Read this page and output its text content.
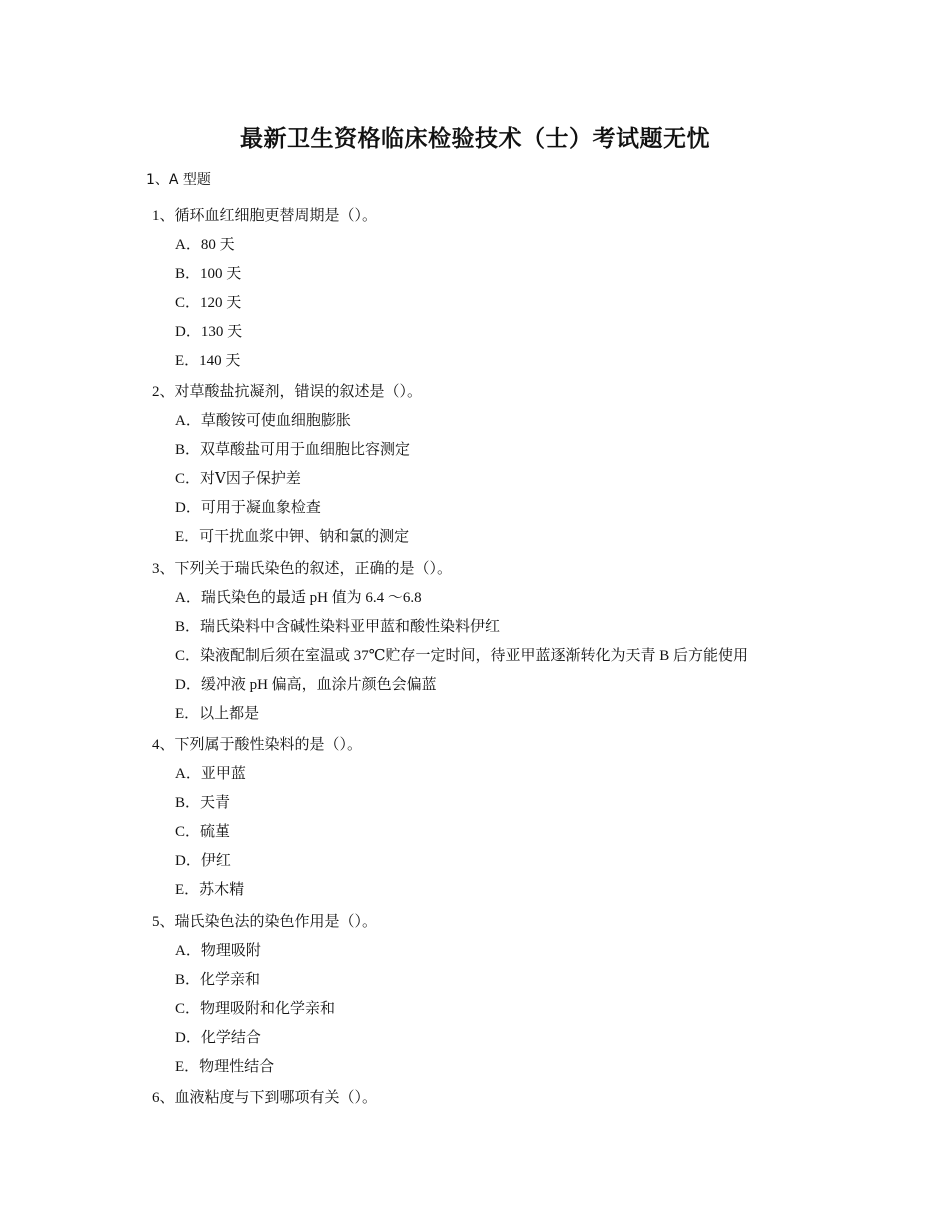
最新卫生资格临床检验技术（士）考试题无忧
1、A 型题
1、循环血红细胞更替周期是（）。
A．80 天
B．100 天
C．120 天
D．130 天
E．140 天
2、对草酸盐抗凝剂，错误的叙述是（）。
A．草酸铵可使血细胞膨胀
B．双草酸盐可用于血细胞比容测定
C．对Ⅴ因子保护差
D．可用于凝血象检查
E．可干扰血浆中钾、钠和氯的测定
3、下列关于瑞氏染色的叙述，正确的是（）。
A．瑞氏染色的最适 pH 值为 6.4 ～6.8
B．瑞氏染料中含碱性染料亚甲蓝和酸性染料伊红
C．染液配制后须在室温或 37℃贮存一定时间，待亚甲蓝逐渐转化为天青 B 后方能使用
D．缓冲液 pH 偏高，血涂片颜色会偏蓝
E．以上都是
4、下列属于酸性染料的是（）。
A．亚甲蓝
B．天青
C．硫堇
D．伊红
E．苏木精
5、瑞氏染色法的染色作用是（）。
A．物理吸附
B．化学亲和
C．物理吸附和化学亲和
D．化学结合
E．物理性结合
6、血液粘度与下到哪项有关（）。
